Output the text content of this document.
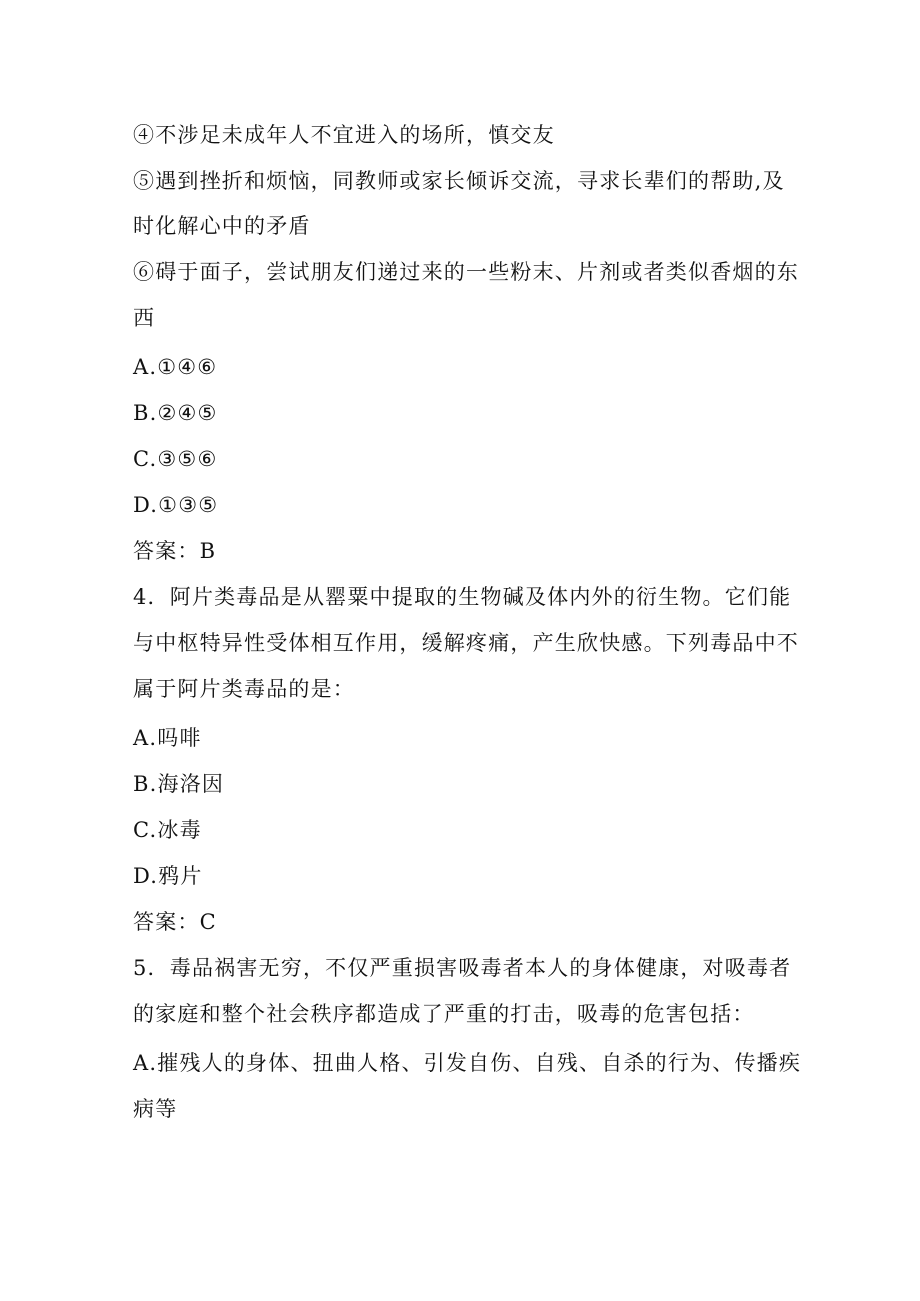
④不涉足未成年人不宜进入的场所，慎交友

⑤遇到挫折和烦恼，同教师或家长倾诉交流，寻求长辈们的帮助,及

时化解心中的矛盾

⑥碍于面子，尝试朋友们递过来的一些粉末、片剂或者类似香烟的东

西

A.①④⑥

B.②④⑤

C.③⑤⑥

D.①③⑤

答案：B

4．阿片类毒品是从罂粟中提取的生物碱及体内外的衍生物。它们能

与中枢特异性受体相互作用，缓解疼痛，产生欣快感。下列毒品中不

属于阿片类毒品的是：

A.吗啡

B.海洛因

C.冰毒

D.鸦片

答案：C

5．毒品祸害无穷，不仅严重损害吸毒者本人的身体健康，对吸毒者

的家庭和整个社会秩序都造成了严重的打击，吸毒的危害包括：

A.摧残人的身体、扭曲人格、引发自伤、自残、自杀的行为、传播疾

病等
